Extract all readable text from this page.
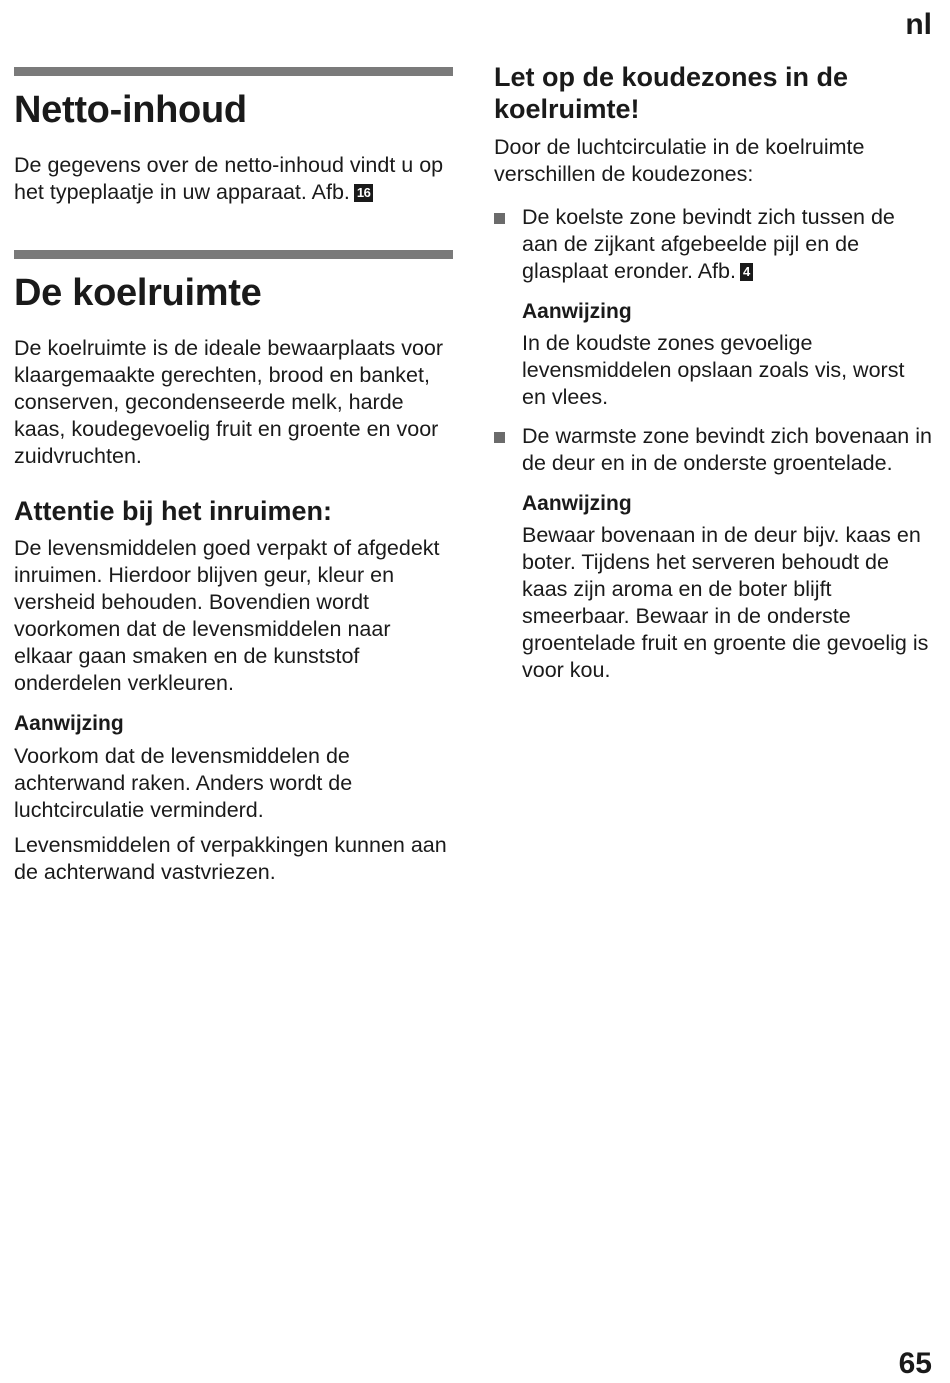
nl
Netto-inhoud

De gegevens over de netto-inhoud vindt u op het typeplaatje in uw apparaat. Afb. 16

De koelruimte

De koelruimte is de ideale bewaarplaats voor klaargemaakte gerechten, brood en banket, conserven, gecondenseerde melk, harde kaas, koudegevoelig fruit en groente en voor zuidvruchten.

Attentie bij het inruimen:

De levensmiddelen goed verpakt of afgedekt inruimen. Hierdoor blijven geur, kleur en versheid behouden. Bovendien wordt voorkomen dat de levensmiddelen naar elkaar gaan smaken en de kunststof onderdelen verkleuren.

Aanwijzing

Voorkom dat de levensmiddelen de achterwand raken. Anders wordt de luchtcirculatie verminderd.

Levensmiddelen of verpakkingen kunnen aan de achterwand vastvriezen.

Let op de koudezones in de koelruimte!

Door de luchtcirculatie in de koelruimte verschillen de koudezones:

De koelste zone bevindt zich tussen de aan de zijkant afgebeelde pijl en de glasplaat eronder. Afb. 4

Aanwijzing

In de koudste zones gevoelige levensmiddelen opslaan zoals vis, worst en vlees.

De warmste zone bevindt zich bovenaan in de deur en in de onderste groentelade.

Aanwijzing

Bewaar bovenaan in de deur bijv. kaas en boter. Tijdens het serveren behoudt de kaas zijn aroma en de boter blijft smeerbaar. Bewaar in de onderste groentelade fruit en groente die gevoelig is voor kou.

65
